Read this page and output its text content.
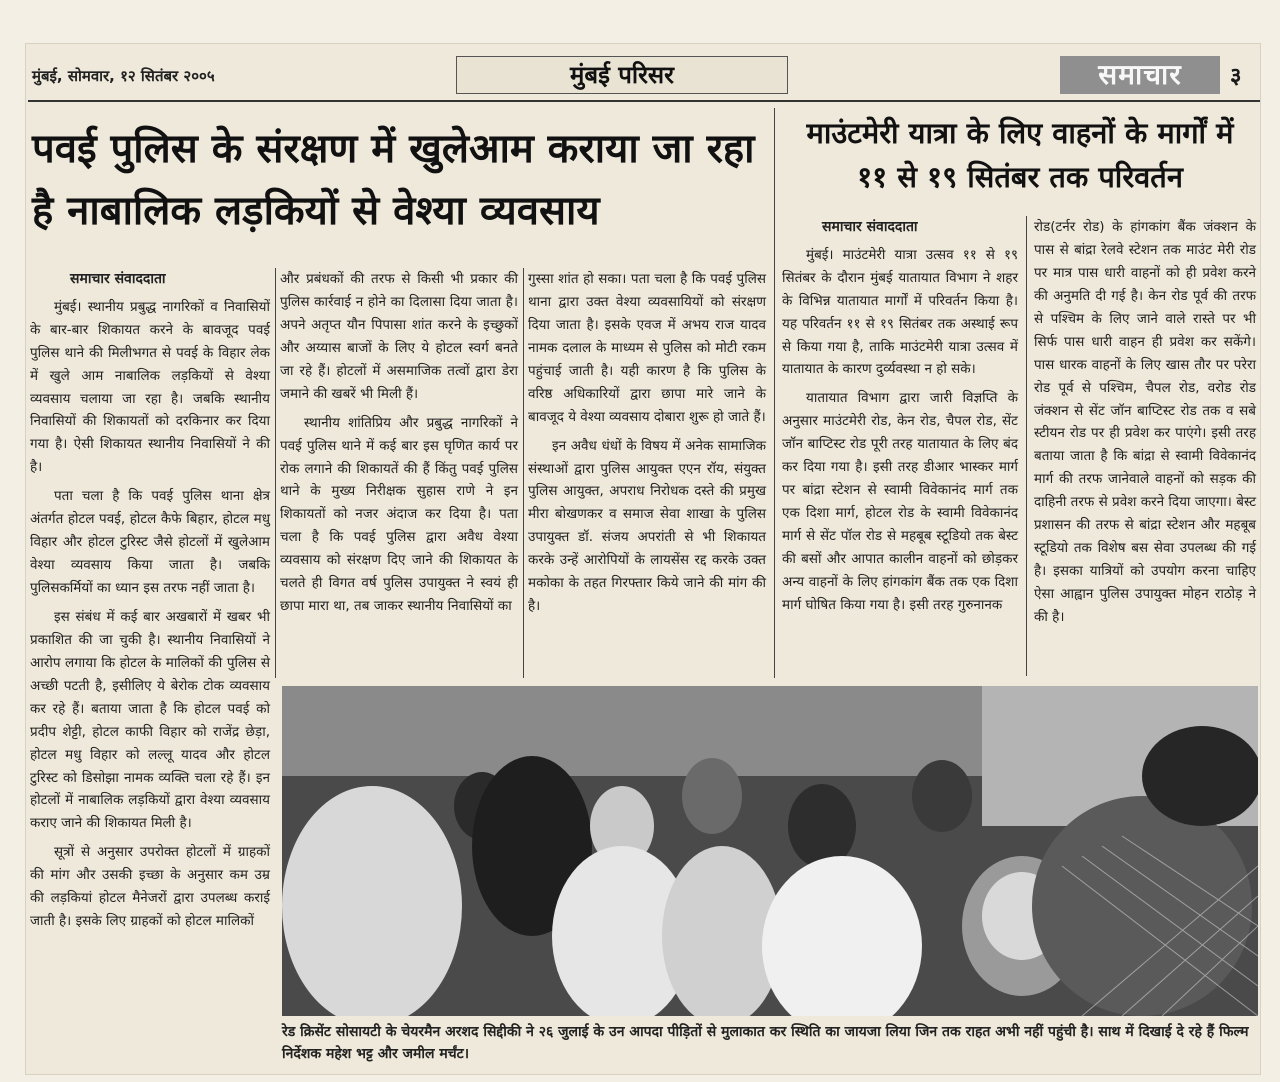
मुंबई, सोमवार, १२ सितंबर २००५	मुंबई परिसर	समाचार	३
पवई पुलिस के संरक्षण में खुलेआम कराया जा रहा है नाबालिक लड़कियों से वेश्या व्यवसाय
माउंटमेरी यात्रा के लिए वाहनों के मार्गों में ११ से १९ सितंबर तक परिवर्तन
समाचार संवाददाता

मुंबई। स्थानीय प्रबुद्ध नागरिकों व निवासियों के बार-बार शिकायत करने के बावजूद पवई पुलिस थाने की मिलीभगत से पवई के विहार लेक में खुले आम नाबालिक लड़कियों से वेश्या व्यवसाय चलाया जा रहा है। जबकि स्थानीय निवासियों की शिकायतों को दरकिनार कर दिया गया है। ऐसी शिकायत स्थानीय निवासियों ने की है।

पता चला है कि पवई पुलिस थाना क्षेत्र अंतर्गत होटल पवई, होटल कैफे बिहार, होटल मधु विहार और होटल टुरिस्ट जैसे होटलों में खुलेआम वेश्या व्यवसाय किया जाता है। जबकि पुलिसकर्मियों का ध्यान इस तरफ नहीं जाता है।

इस संबंध में कई बार अखबारों में खबर भी प्रकाशित की जा चुकी है। स्थानीय निवासियों ने आरोप लगाया कि होटल के मालिकों की पुलिस से अच्छी पटती है, इसीलिए ये बेरोक टोक व्यवसाय कर रहे हैं। बताया जाता है कि होटल पवई को प्रदीप शेट्टी, होटल काफी विहार को राजेंद्र छेड़ा, होटल मधु विहार को लल्लू यादव और होटल टुरिस्ट को डिसोझा नामक व्यक्ति चला रहे हैं। इन होटलों में नाबालिक लड़कियों द्वारा वेश्या व्यवसाय कराए जाने की शिकायत मिली है।

सूत्रों से अनुसार उपरोक्त होटलों में ग्राहकों की मांग और उसकी इच्छा के अनुसार कम उम्र की लड़कियां होटल मैनेजरों द्वारा उपलब्ध कराई जाती है। इसके लिए ग्राहकों को होटल मालिकों

और प्रबंधकों की तरफ से किसी भी प्रकार की पुलिस कार्रवाई न होने का दिलासा दिया जाता है। अपने अतृप्त यौन पिपासा शांत करने के इच्छुकों और अय्यास बाजों के लिए ये होटल स्वर्ग बनते जा रहे हैं। होटलों में असमाजिक तत्वों द्वारा डेरा जमाने की खबरें भी मिली हैं।

स्थानीय शांतिप्रिय और प्रबुद्ध नागरिकों ने पवई पुलिस थाने में कई बार इस घृणित कार्य पर रोक लगाने की शिकायतें की हैं किंतु पवई पुलिस थाने के मुख्य निरीक्षक सुहास राणे ने इन शिकायतों को नजर अंदाज कर दिया है। पता चला है कि पवई पुलिस द्वारा अवैध वेश्या व्यवसाय को संरक्षण दिए जाने की शिकायत के चलते ही विगत वर्ष पुलिस उपायुक्त ने स्वयं ही छापा मारा था, तब जाकर स्थानीय निवासियों का

गुस्सा शांत हो सका। पता चला है कि पवई पुलिस थाना द्वारा उक्त वेश्या व्यवसायियों को संरक्षण दिया जाता है। इसके एवज में अभय राज यादव नामक दलाल के माध्यम से पुलिस को मोटी रकम पहुंचाई जाती है। यही कारण है कि पुलिस के वरिष्ठ अधिकारियों द्वारा छापा मारे जाने के बावजूद ये वेश्या व्यवसाय दोबारा शुरू हो जाते हैं।

इन अवैध धंधों के विषय में अनेक सामाजिक संस्थाओं द्वारा पुलिस आयुक्त एएन रॉय, संयुक्त पुलिस आयुक्त, अपराध निरोधक दस्ते की प्रमुख मीरा बोखणकर व समाज सेवा शाखा के पुलिस उपायुक्त डॉ. संजय अपरांती से भी शिकायत करके उन्हें आरोपियों के लायसेंस रद्द करके उक्त मकोका के तहत गिरफ्तार किये जाने की मांग की है।

समाचार संवाददाता

मुंबई। माउंटमेरी यात्रा उत्सव ११ से १९ सितंबर के दौरान मुंबई यातायात विभाग ने शहर के विभिन्न यातायात मार्गों में परिवर्तन किया है। यह परिवर्तन ११ से १९ सितंबर तक अस्थाई रूप से किया गया है, ताकि माउंटमेरी यात्रा उत्सव में यातायात के कारण दुर्व्यवस्था न हो सके।

यातायात विभाग द्वारा जारी विज्ञप्ति के अनुसार माउंटमेरी रोड, केन रोड, चैपल रोड, सेंट जॉन बाप्टिस्ट रोड पूरी तरह यातायात के लिए बंद कर दिया गया है। इसी तरह डीआर भास्कर मार्ग पर बांद्रा स्टेशन से स्वामी विवेकानंद मार्ग तक एक दिशा मार्ग, होटल रोड के स्वामी विवेकानंद मार्ग से सेंट पॉल रोड से महबूब स्टूडियो तक बेस्ट की बसों और आपात कालीन वाहनों को छोड़कर अन्य वाहनों के लिए हांगकांग बैंक तक एक दिशा मार्ग घोषित किया गया है। इसी तरह गुरुनानक

रोड(टर्नर रोड) के हांगकांग बैंक जंक्शन के पास से बांद्रा रेलवे स्टेशन तक माउंट मेरी रोड पर मात्र पास धारी वाहनों को ही प्रवेश करने की अनुमति दी गई है। केन रोड पूर्व की तरफ से पश्चिम के लिए जाने वाले रास्ते पर भी सिर्फ पास धारी वाहन ही प्रवेश कर सकेंगे। पास धारक वाहनों के लिए खास तौर पर परेरा रोड पूर्व से पश्चिम, चैपल रोड, वरोड रोड जंक्शन से सेंट जॉन बाप्टिस्ट रोड तक व सबे स्टीयन रोड पर ही प्रवेश कर पाएंगे। इसी तरह बताया जाता है कि बांद्रा से स्वामी विवेकानंद मार्ग की तरफ जानेवाले वाहनों को सड़क की दाहिनी तरफ से प्रवेश करने दिया जाएगा। बेस्ट प्रशासन की तरफ से बांद्रा स्टेशन और महबूब स्टूडियो तक विशेष बस सेवा उपलब्ध की गई है। इसका यात्रियों को उपयोग करना चाहिए ऐसा आह्वान पुलिस उपायुक्त मोहन राठोड़ ने की है।

रेड क्रिसेंट सोसायटी के चेयरमैन अरशद सिद्दीकी ने २६ जुलाई के उन आपदा पीड़ितों से मुलाकात कर स्थिति का जायजा लिया जिन तक राहत अभी नहीं पहुंची है। साथ में दिखाई दे रहे हैं फिल्म निर्देशक महेश भट्ट और जमील मर्चंट।
